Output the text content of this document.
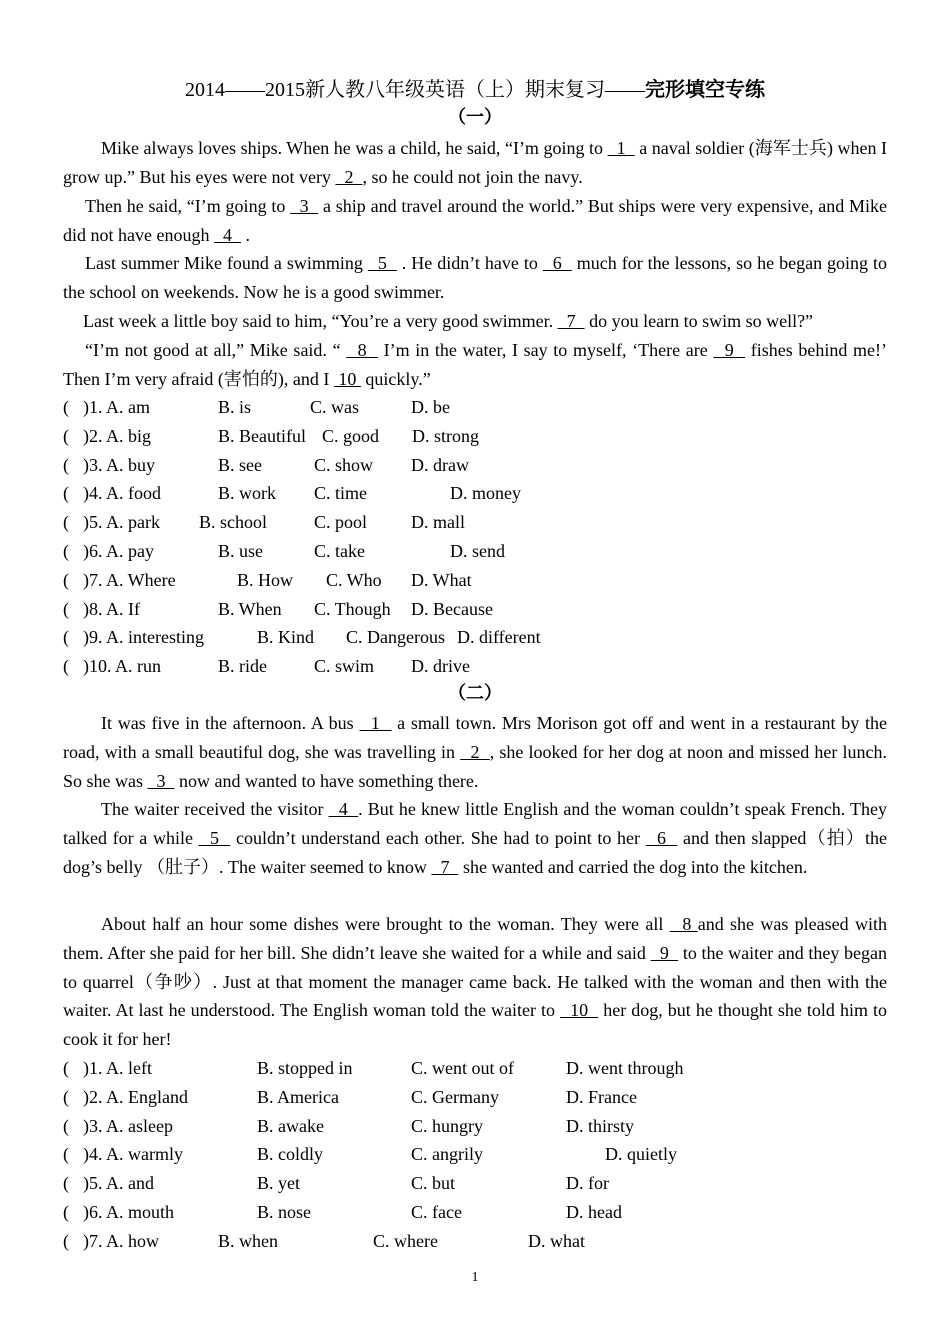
2014——2015新人教八年级英语（上）期末复习——完形填空专练
（一）
Mike always loves ships. When he was a child, he said, “I’m going to   1   a naval soldier (海军士兵) when I grow up.” But his eyes were not very   2  , so he could not join the navy.
Then he said, “I’m going to   3   a ship and travel around the world.” But ships were very expensive, and Mike did not have enough   4   .
Last summer Mike found a swimming   5   . He didn’t have to   6   much for the lessons, so he began going to the school on weekends. Now he is a good swimmer.
Last week a little boy said to him, “You’re a very good swimmer.   7   do you learn to swim so well?”
“I’m not good at all,” Mike said. “   8   I’m in the water, I say to myself, ‘There are   9   fishes behind me!’ Then I’m very afraid (害怕的), and I  10  quickly.”
( )1. A. am	B. is	C. was	D. be
( )2. A. big	B. Beautiful C. good D. strong
( )3. A. buy	B. see	C. show D. draw
( )4. A. food	B. work C. time	D. money
( )5. A. park B. school	C. pool D. mall
( )6. A. pay	B. use	C. take	D. send
( )7. A. Where	B. How C. Who D. What
( )8. A. If	B. When C. Though D. Because
( )9. A. interesting	B. Kind C. Dangerous D. different
( )10. A. run	B. ride	C. swim D. drive
（二）
It was five in the afternoon. A bus   1   a small town. Mrs Morison got off and went in a restaurant by the road, with a small beautiful dog, she was travelling in   2  , she looked for her dog at noon and missed her lunch. So she was   3   now and wanted to have something there.
The waiter received the visitor   4  . But he knew little English and the woman couldn’t speak French. They talked for a while   5   couldn’t understand each other. She had to point to her   6   and then slapped（拍）the dog’s belly （肚子）. The waiter seemed to know   7   she wanted and carried the dog into the kitchen.
About half an hour some dishes were brought to the woman. They were all   8 and she was pleased with them. After she paid for her bill. She didn’t leave she waited for a while and said   9   to the waiter and they began to quarrel（争吵）. Just at that moment the manager came back. He talked with the woman and then with the waiter. At last he understood. The English woman told the waiter to   10   her dog, but he thought she told him to cook it for her!
( )1. A. left	B. stopped in	C. went out of	D. went through
( )2. A. England	B. America	C. Germany	D. France
( )3. A. asleep	B. awake	C. hungry	D. thirsty
( )4. A. warmly	B. coldly	C. angrily	D. quietly
( )5. A. and	B. yet	C. but	D. for
( )6. A. mouth	B. nose	C. face	D. head
( )7. A. how	B. when	C. where	D. what
1
